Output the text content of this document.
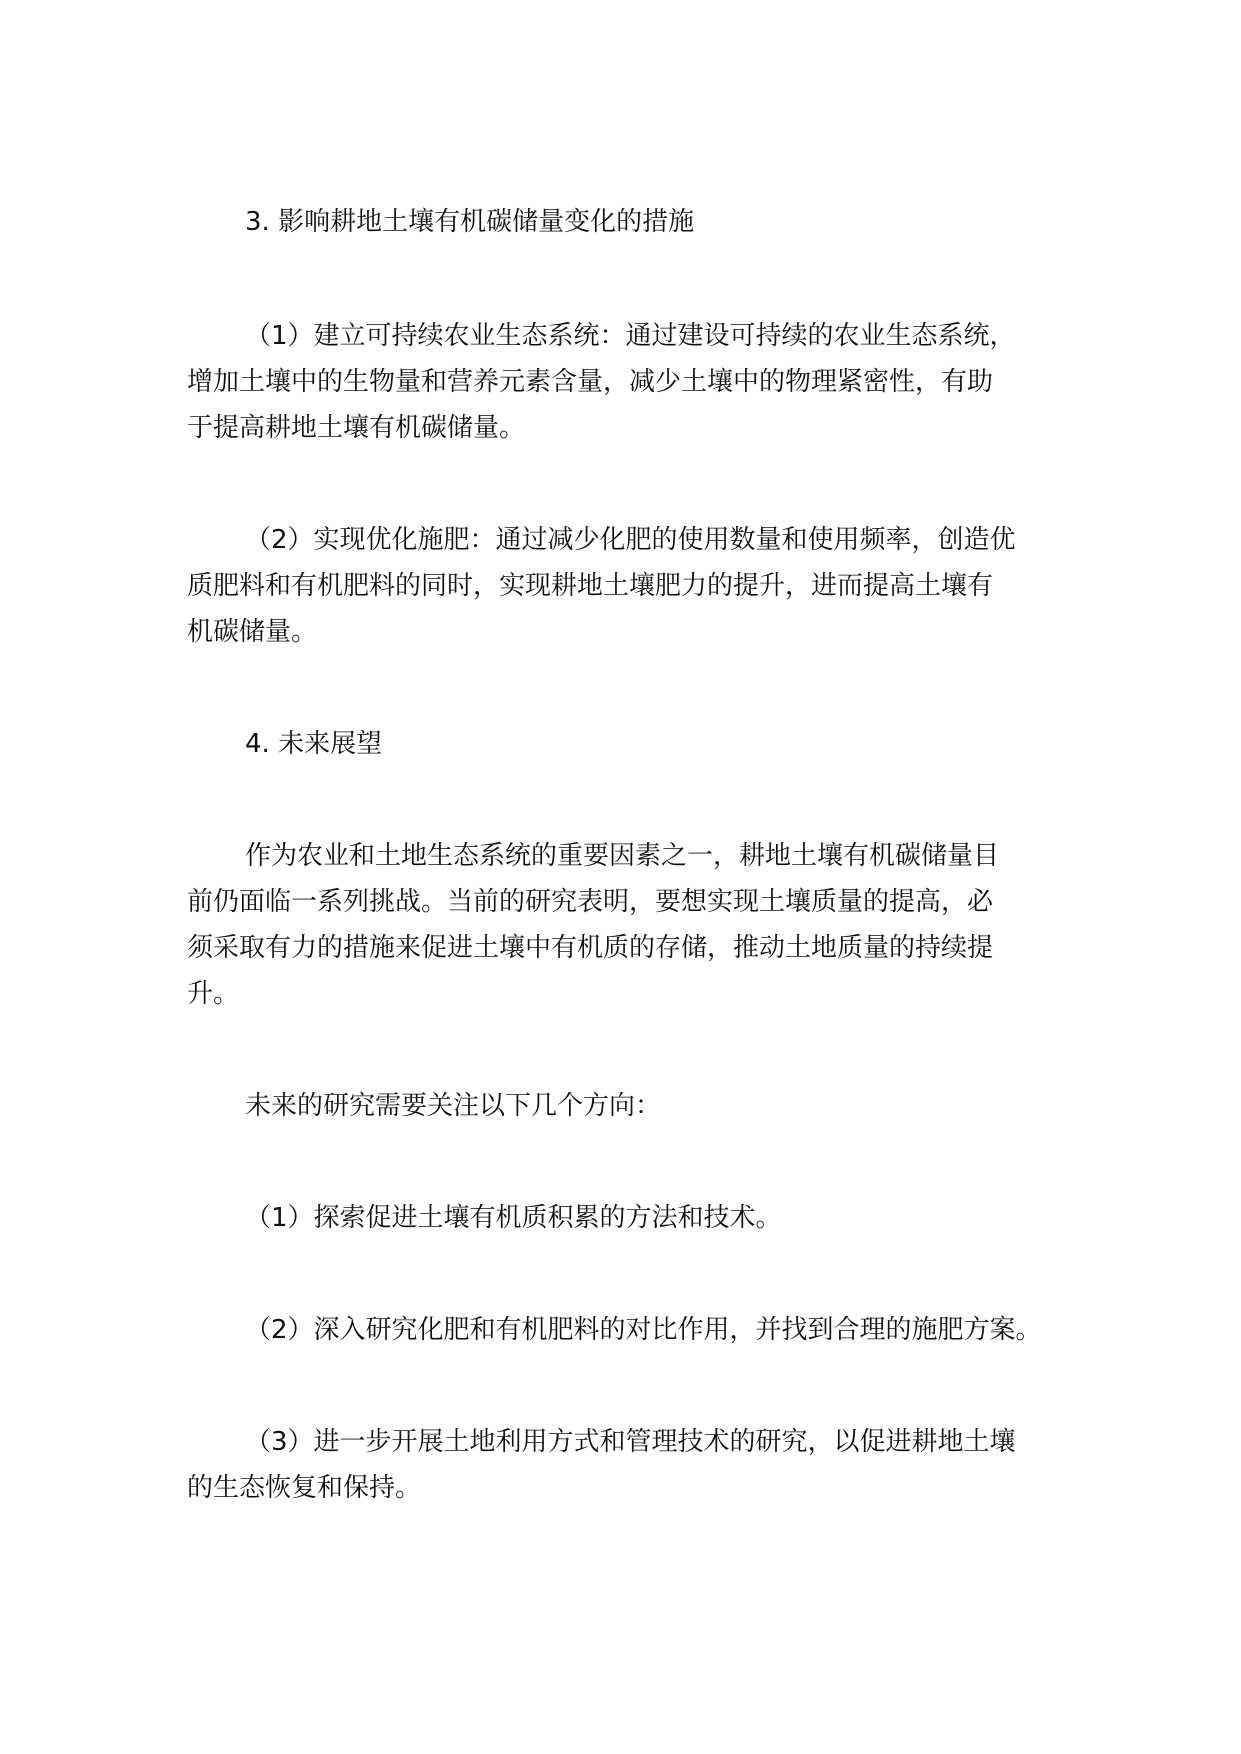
3. 影响耕地土壤有机碳储量变化的措施
（1）建立可持续农业生态系统：通过建设可持续的农业生态系统，
增加土壤中的生物量和营养元素含量，减少土壤中的物理紧密性，有助
于提高耕地土壤有机碳储量。
（2）实现优化施肥：通过减少化肥的使用数量和使用频率，创造优
质肥料和有机肥料的同时，实现耕地土壤肥力的提升，进而提高土壤有
机碳储量。
4. 未来展望
作为农业和土地生态系统的重要因素之一，耕地土壤有机碳储量目
前仍面临一系列挑战。当前的研究表明，要想实现土壤质量的提高，必
须采取有力的措施来促进土壤中有机质的存储，推动土地质量的持续提
升。
未来的研究需要关注以下几个方向：
（1）探索促进土壤有机质积累的方法和技术。
（2）深入研究化肥和有机肥料的对比作用，并找到合理的施肥方案。
（3）进一步开展土地利用方式和管理技术的研究，以促进耕地土壤
的生态恢复和保持。
